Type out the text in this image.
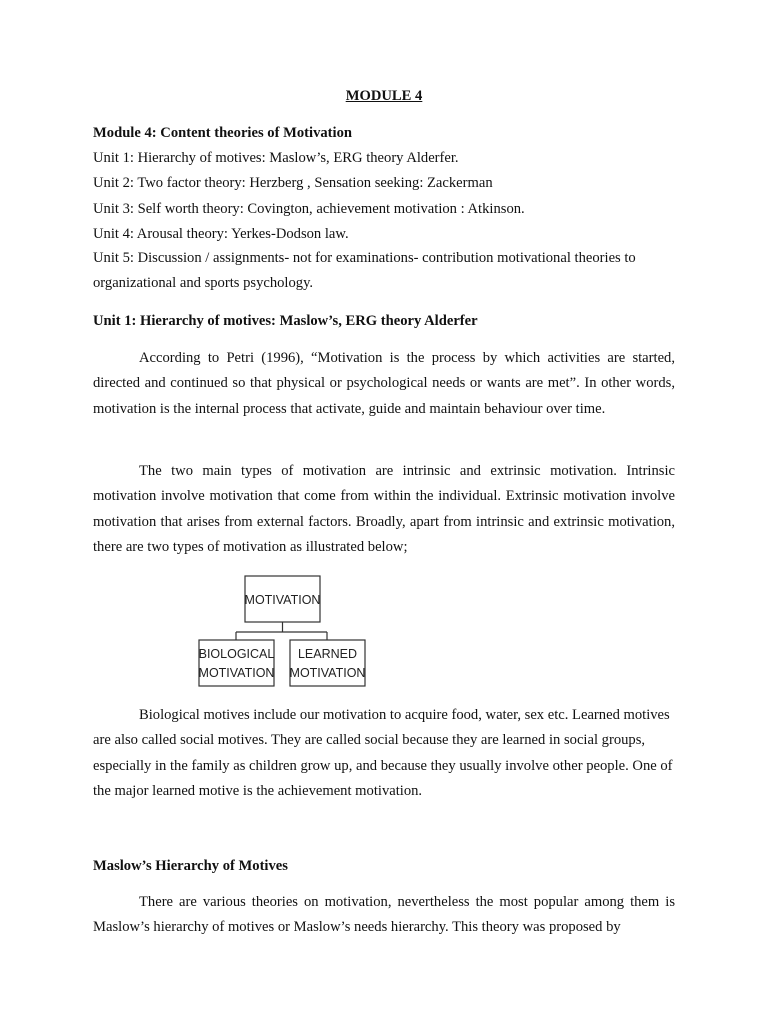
MODULE 4
Module 4: Content theories of Motivation
Unit 1: Hierarchy of motives: Maslow’s, ERG theory Alderfer.
Unit 2: Two factor theory: Herzberg , Sensation seeking: Zackerman
Unit 3: Self worth theory: Covington, achievement motivation : Atkinson.
Unit 4: Arousal theory: Yerkes-Dodson law.
Unit 5: Discussion / assignments- not for examinations- contribution motivational theories to organizational and sports psychology.
Unit 1: Hierarchy of motives: Maslow’s, ERG theory Alderfer
According to Petri (1996), “Motivation is the process by which activities are started, directed and continued so that physical or psychological needs or wants are met”. In other words, motivation is the internal process that activate, guide and maintain behaviour over time.
The two main types of motivation are intrinsic and extrinsic motivation. Intrinsic motivation involve motivation that come from within the individual. Extrinsic motivation involve motivation that arises from external factors. Broadly, apart from intrinsic and extrinsic motivation, there are two types of motivation as illustrated below;
MOTIVATION
BIOLOGICAL
MOTIVATION
LEARNED
MOTIVATION
Biological motives include our motivation to acquire food, water, sex etc. Learned motives are also called social motives. They are called social because they are learned in social groups, especially in the family as children grow up, and because they usually involve other people. One of the major learned motive is the achievement motivation.
Maslow’s Hierarchy of Motives
There are various theories on motivation, nevertheless the most popular among them is Maslow’s hierarchy of motives or Maslow’s needs hierarchy. This theory was proposed by
